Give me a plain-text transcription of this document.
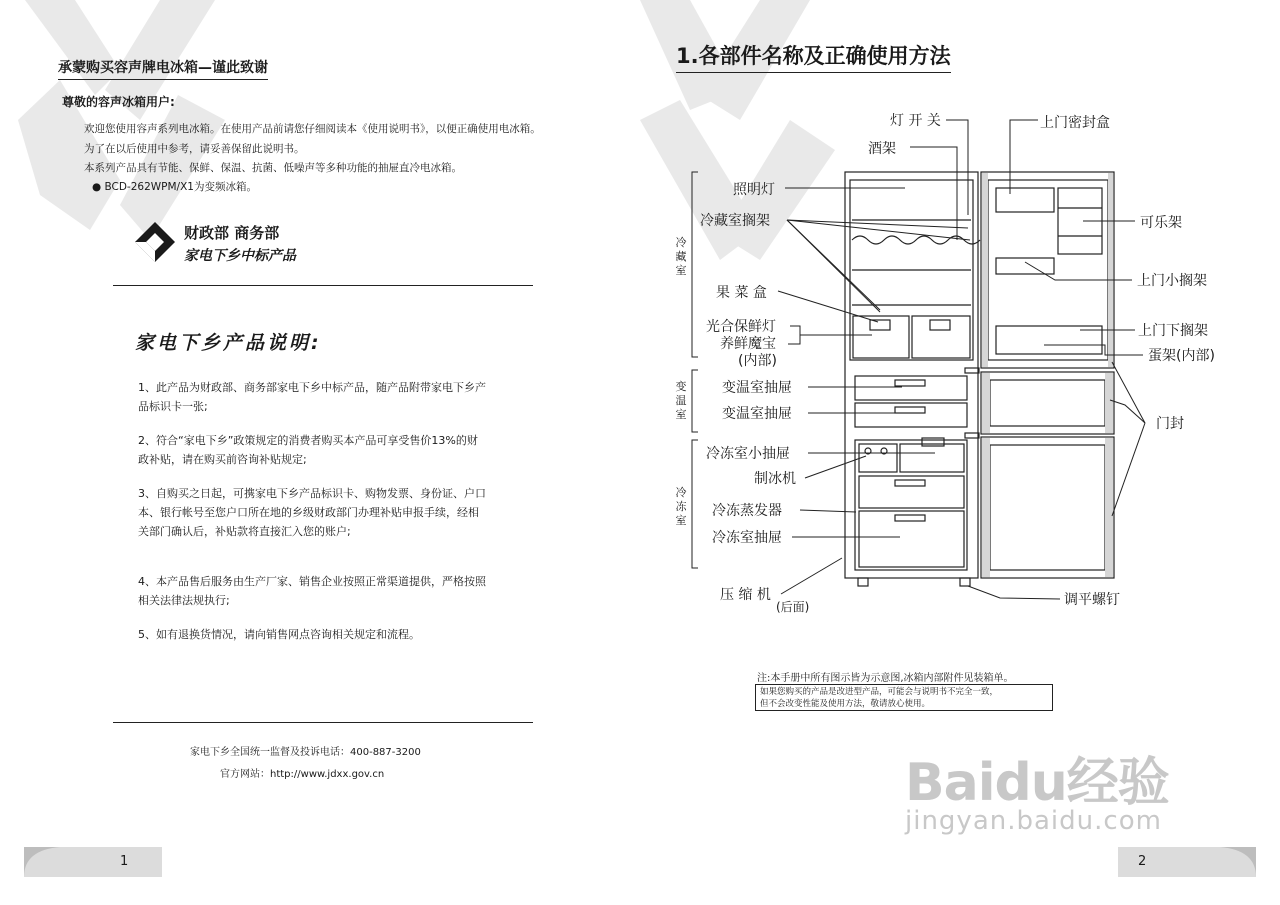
承蒙购买容声牌电冰箱—谨此致谢
尊敬的容声冰箱用户:
欢迎您使用容声系列电冰箱。在使用产品前请您仔细阅读本《使用说明书》，以便正确使用电冰箱。
为了在以后使用中参考，请妥善保留此说明书。
本系列产品具有节能、保鲜、保温、抗菌、低噪声等多种功能的抽屉直冷电冰箱。
● BCD-262WPM/X1为变频冰箱。
财政部 商务部
家电下乡中标产品
家电下乡产品说明:
1、此产品为财政部、商务部家电下乡中标产品，随产品附带家电下乡产品标识卡一张;
2、符合“家电下乡”政策规定的消费者购买本产品可享受售价13%的财政补贴，请在购买前咨询补贴规定;
3、自购买之日起，可携家电下乡产品标识卡、购物发票、身份证、户口本、银行帐号至您户口所在地的乡级财政部门办理补贴申报手续，经相关部门确认后，补贴款将直接汇入您的账户;
4、本产品售后服务由生产厂家、销售企业按照正常渠道提供，严格按照相关法律法规执行;
5、如有退换货情况，请向销售网点咨询相关规定和流程。
家电下乡全国统一监督及投诉电话：400-887-3200
官方网站：http://www.jdxx.gov.cn
1
1.各部件名称及正确使用方法
冷藏室
变温室
冷冻室
灯 开 关
酒架
照明灯
冷藏室搁架
果 菜 盒
光合保鲜灯
养鲜魔宝
(内部)
变温室抽屉
变温室抽屉
冷冻室小抽屉
制冰机
冷冻蒸发器
冷冻室抽屉
压 缩 机
(后面)
上门密封盒
可乐架
上门小搁架
上门下搁架
蛋架(内部)
门封
调平螺钉
注:本手册中所有图示皆为示意图,冰箱内部附件见装箱单。
如果您购买的产品是改进型产品，可能会与说明书不完全一致，
但不会改变性能及使用方法，敬请放心使用。
Baidu经验
jingyan.baidu.com
2
